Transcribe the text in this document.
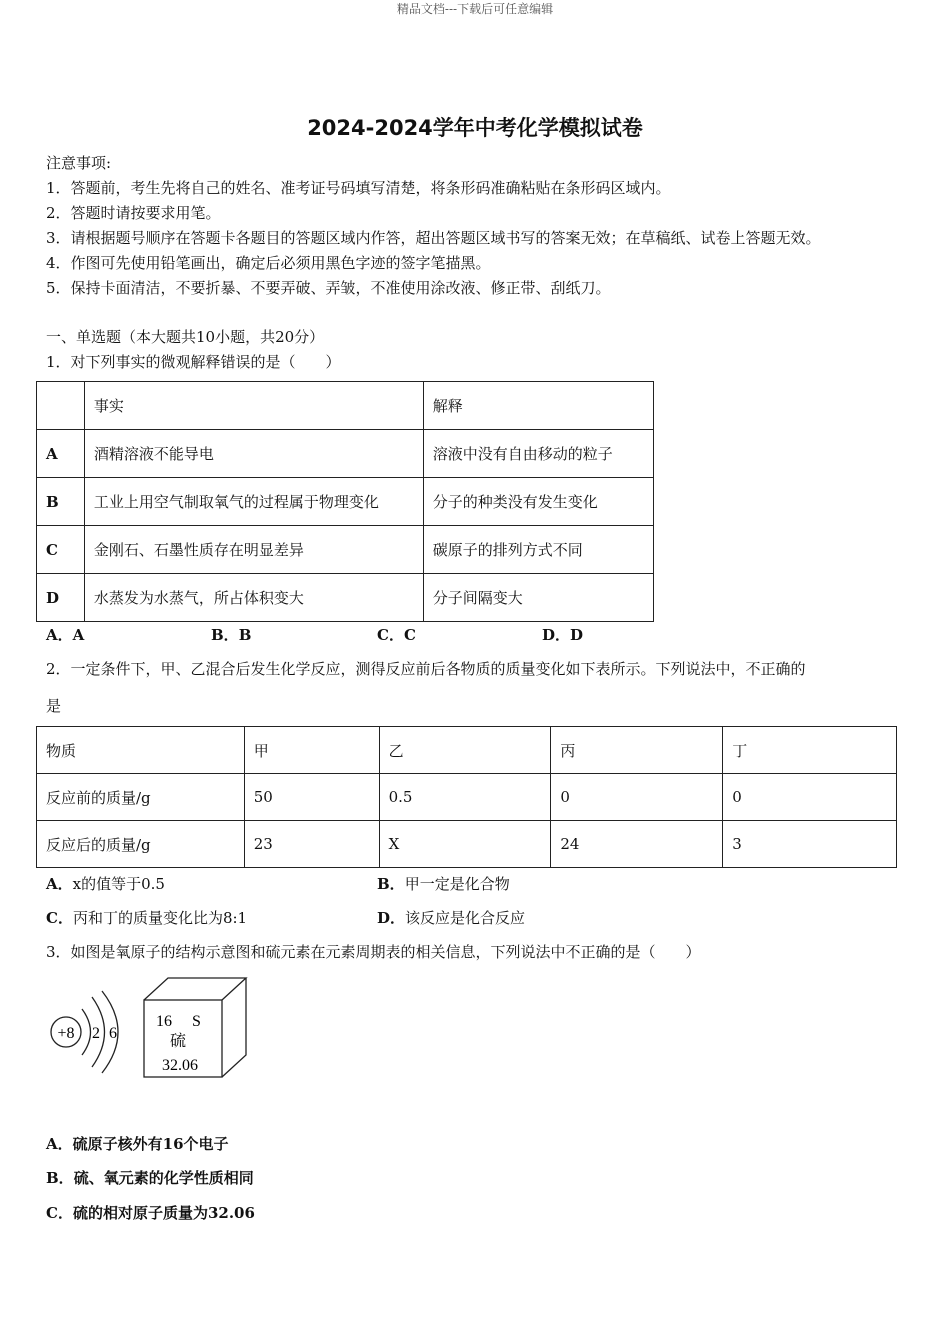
精品文档---下载后可任意编辑
2024-2024学年中考化学模拟试卷
注意事项:
1．答题前，考生先将自己的姓名、准考证号码填写清楚，将条形码准确粘贴在条形码区域内。
2．答题时请按要求用笔。
3．请根据题号顺序在答题卡各题目的答题区域内作答，超出答题区域书写的答案无效；在草稿纸、试卷上答题无效。
4．作图可先使用铅笔画出，确定后必须用黑色字迹的签字笔描黑。
5．保持卡面清洁，不要折暴、不要弄破、弄皱，不准使用涂改液、修正带、刮纸刀。
一、单选题（本大题共10小题，共20分）
1．对下列事实的微观解释错误的是（　　）
	事实	解释
A	酒精溶液不能导电	溶液中没有自由移动的粒子
B	工业上用空气制取氧气的过程属于物理变化	分子的种类没有发生变化
C	金刚石、石墨性质存在明显差异	碳原子的排列方式不同
D	水蒸发为水蒸气，所占体积变大	分子间隔变大
A．A	B．B	C．C	D．D
2．一定条件下，甲、乙混合后发生化学反应，测得反应前后各物质的质量变化如下表所示。下列说法中，不正确的
是
物质	甲	乙	丙	丁
反应前的质量/g	50	0.5	0	0
反应后的质量/g	23	X	24	3
A．x的值等于0.5	B．甲一定是化合物
C．丙和丁的质量变化比为8:1	D．该反应是化合反应
3．如图是氧原子的结构示意图和硫元素在元素周期表的相关信息，下列说法中不正确的是（　　）
+8 2 6
16 S
硫
32.06
A．硫原子核外有16个电子
B．硫、氧元素的化学性质相同
C．硫的相对原子质量为32.06
